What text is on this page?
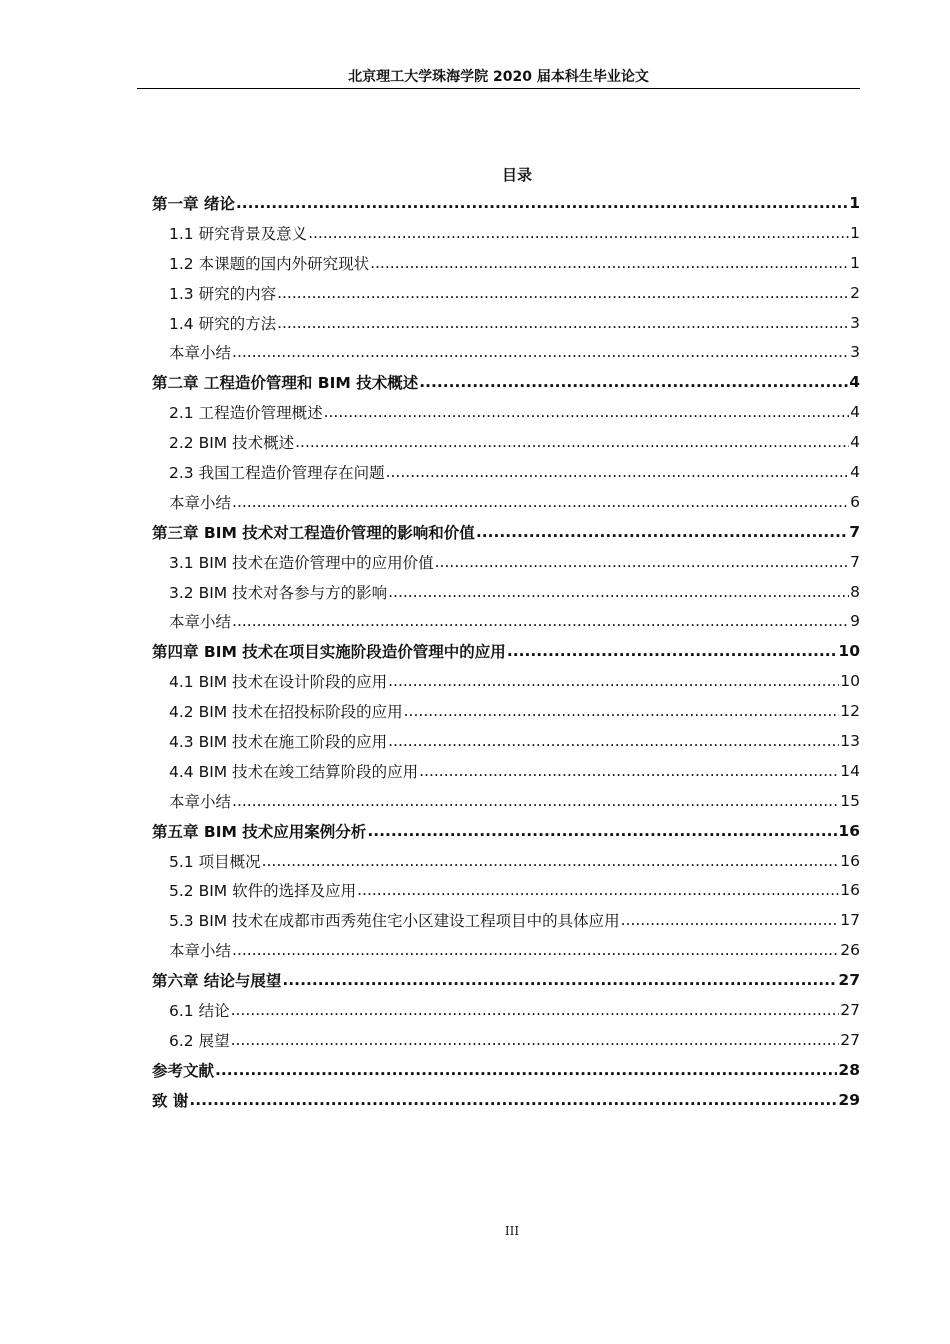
北京理工大学珠海学院 2020 届本科生毕业论文
目录
第一章 绪论 .....	1
1.1 研究背景及意义 .....	1
1.2 本课题的国内外研究现状 .....	1
1.3 研究的内容 .....	2
1.4 研究的方法 .....	3
本章小结 .....	3
第二章 工程造价管理和 BIM 技术概述 .....	4
2.1 工程造价管理概述 .....	4
2.2 BIM 技术概述 .....	4
2.3 我国工程造价管理存在问题 .....	4
本章小结 .....	6
第三章 BIM 技术对工程造价管理的影响和价值 .....	7
3.1 BIM 技术在造价管理中的应用价值 .....	7
3.2 BIM 技术对各参与方的影响 .....	8
本章小结 .....	9
第四章 BIM 技术在项目实施阶段造价管理中的应用 .....	10
4.1 BIM 技术在设计阶段的应用 .....	10
4.2 BIM 技术在招投标阶段的应用 .....	12
4.3 BIM 技术在施工阶段的应用 .....	13
4.4 BIM 技术在竣工结算阶段的应用 .....	14
本章小结 .....	15
第五章 BIM 技术应用案例分析 .....	16
5.1 项目概况 .....	16
5.2 BIM 软件的选择及应用 .....	16
5.3 BIM 技术在成都市西秀苑住宅小区建设工程项目中的具体应用 .....	17
本章小结 .....	26
第六章 结论与展望 .....	27
6.1 结论 .....	27
6.2 展望 .....	27
参考文献 .....	28
致 谢 .....	29
III
